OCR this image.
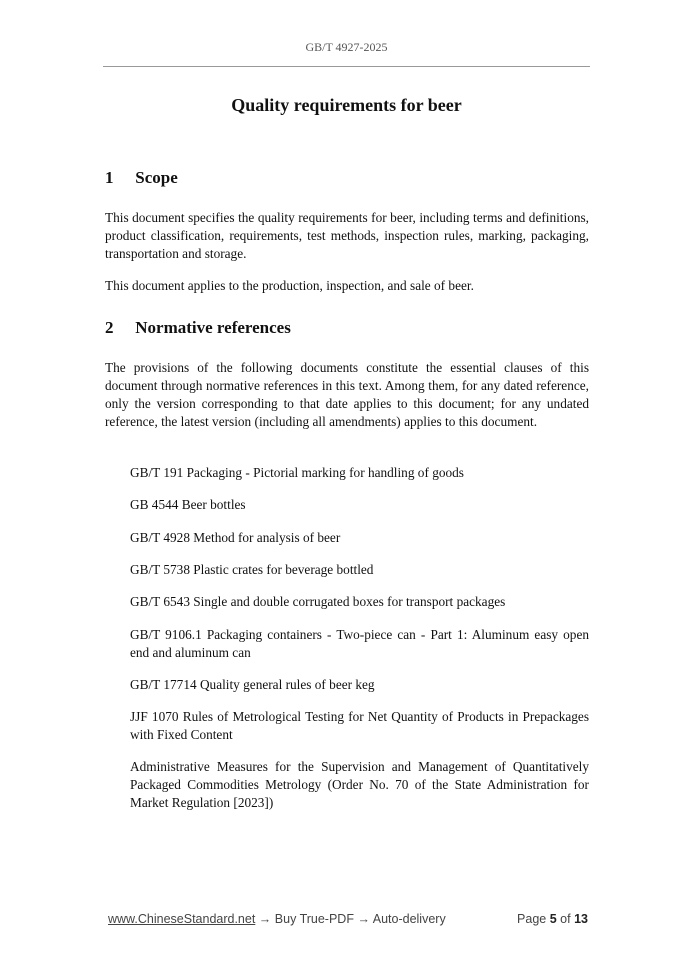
GB/T 4927-2025
Quality requirements for beer
1 Scope
This document specifies the quality requirements for beer, including terms and definitions, product classification, requirements, test methods, inspection rules, marking, packaging, transportation and storage.
This document applies to the production, inspection, and sale of beer.
2 Normative references
The provisions of the following documents constitute the essential clauses of this document through normative references in this text. Among them, for any dated reference, only the version corresponding to that date applies to this document; for any undated reference, the latest version (including all amendments) applies to this document.
GB/T 191 Packaging - Pictorial marking for handling of goods
GB 4544 Beer bottles
GB/T 4928 Method for analysis of beer
GB/T 5738 Plastic crates for beverage bottled
GB/T 6543 Single and double corrugated boxes for transport packages
GB/T 9106.1 Packaging containers - Two-piece can - Part 1: Aluminum easy open end and aluminum can
GB/T 17714 Quality general rules of beer keg
JJF 1070 Rules of Metrological Testing for Net Quantity of Products in Prepackages with Fixed Content
Administrative Measures for the Supervision and Management of Quantitatively Packaged Commodities Metrology (Order No. 70 of the State Administration for Market Regulation [2023])
www.ChineseStandard.net → Buy True-PDF → Auto-delivery	Page 5 of 13
